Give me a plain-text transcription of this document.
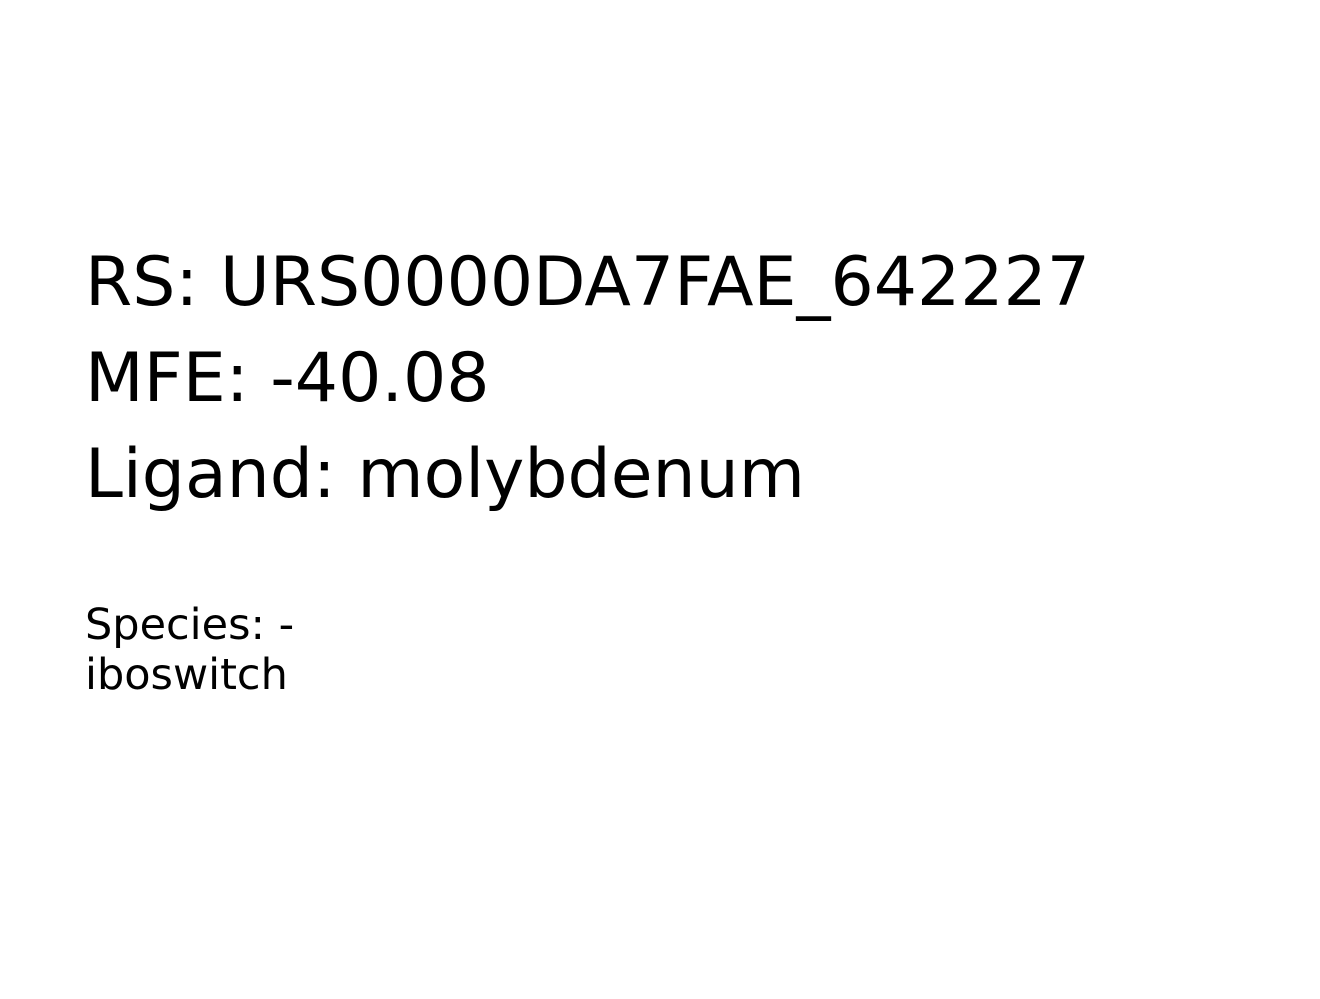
RS: URS0000DA7FAE_642227
MFE: -40.08
Ligand: molybdenum
Species: -
iboswitch
